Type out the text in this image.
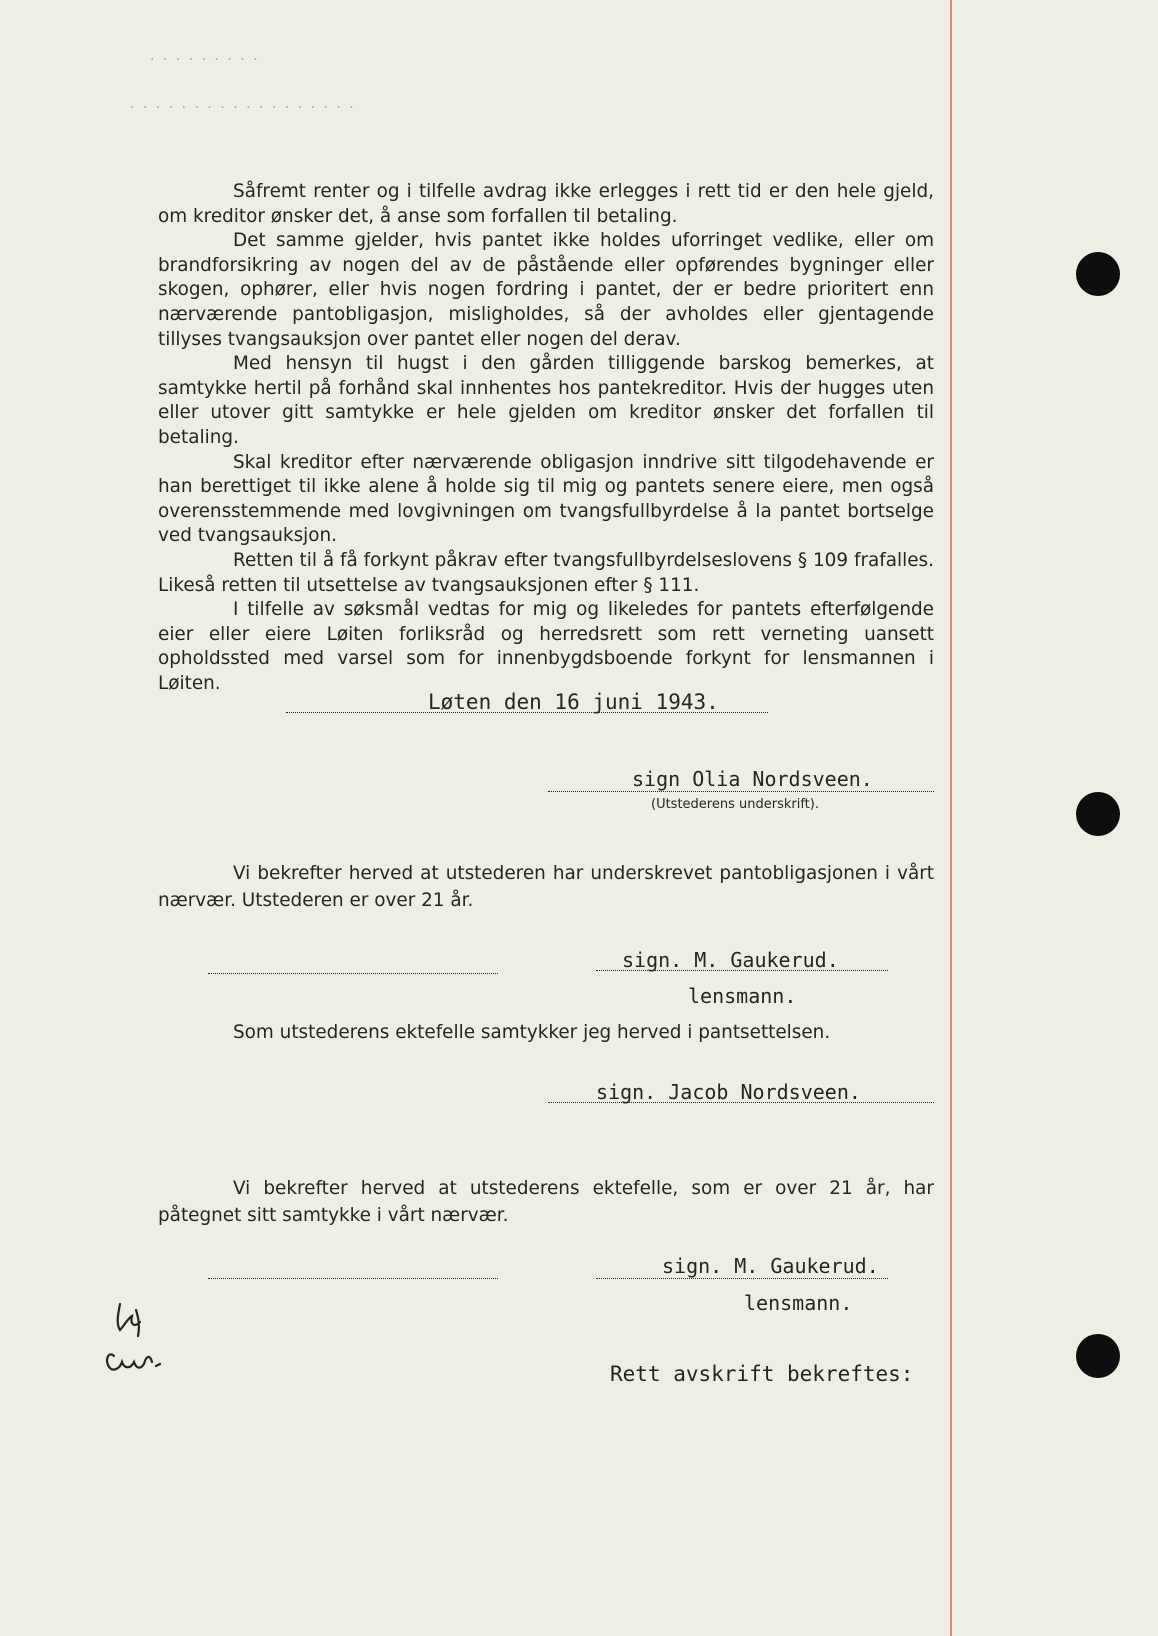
· · · · · · · · ·
· · · · · · · · · · · · · · · · · ·

Såfremt renter og i tilfelle avdrag ikke erlegges i rett tid er den hele gjeld, om kreditor ønsker det, å anse som forfallen til betaling.

Det samme gjelder, hvis pantet ikke holdes uforringet vedlike, eller om brandforsikring av nogen del av de påstående eller opførendes bygninger eller skogen, ophører, eller hvis nogen fordring i pantet, der er bedre prioritert enn nærværende pantobligasjon, misligholdes, så der avholdes eller gjentagende tillyses tvangsauksjon over pantet eller nogen del derav.

Med hensyn til hugst i den gården tilliggende barskog bemerkes, at samtykke hertil på forhånd skal innhentes hos pantekreditor. Hvis der hugges uten eller utover gitt samtykke er hele gjelden om kreditor ønsker det forfallen til betaling.

Skal kreditor efter nærværende obligasjon inndrive sitt tilgodehavende er han berettiget til ikke alene å holde sig til mig og pantets senere eiere, men også overensstemmende med lovgivningen om tvangsfullbyrdelse å la pantet bortselge ved tvangsauksjon.

Retten til å få forkynt påkrav efter tvangsfullbyrdelseslovens § 109 frafalles. Likeså retten til utsettelse av tvangsauksjonen efter § 111.

I tilfelle av søksmål vedtas for mig og likeledes for pantets efterfølgende eier eller eiere Løiten forliksråd og herredsrett som rett verneting uansett opholdssted med varsel som for innenbygdsboende forkynt for lensmannen i Løiten.

Løten den 16 juni 1943.
sign Olia Nordsveen.
(Utstederens underskrift).

Vi bekrefter herved at utstederen har underskrevet pantobligasjonen i vårt nærvær. Utstederen er over 21 år.

sign. M. Gaukerud.
lensmann.
Som utstederens ektefelle samtykker jeg herved i pantsettelsen.
sign. Jacob Nordsveen.

Vi bekrefter herved at utstederens ektefelle, som er over 21 år, har påtegnet sitt samtykke i vårt nærvær.

sign. M. Gaukerud.
lensmann.
Rett avskrift bekreftes:
